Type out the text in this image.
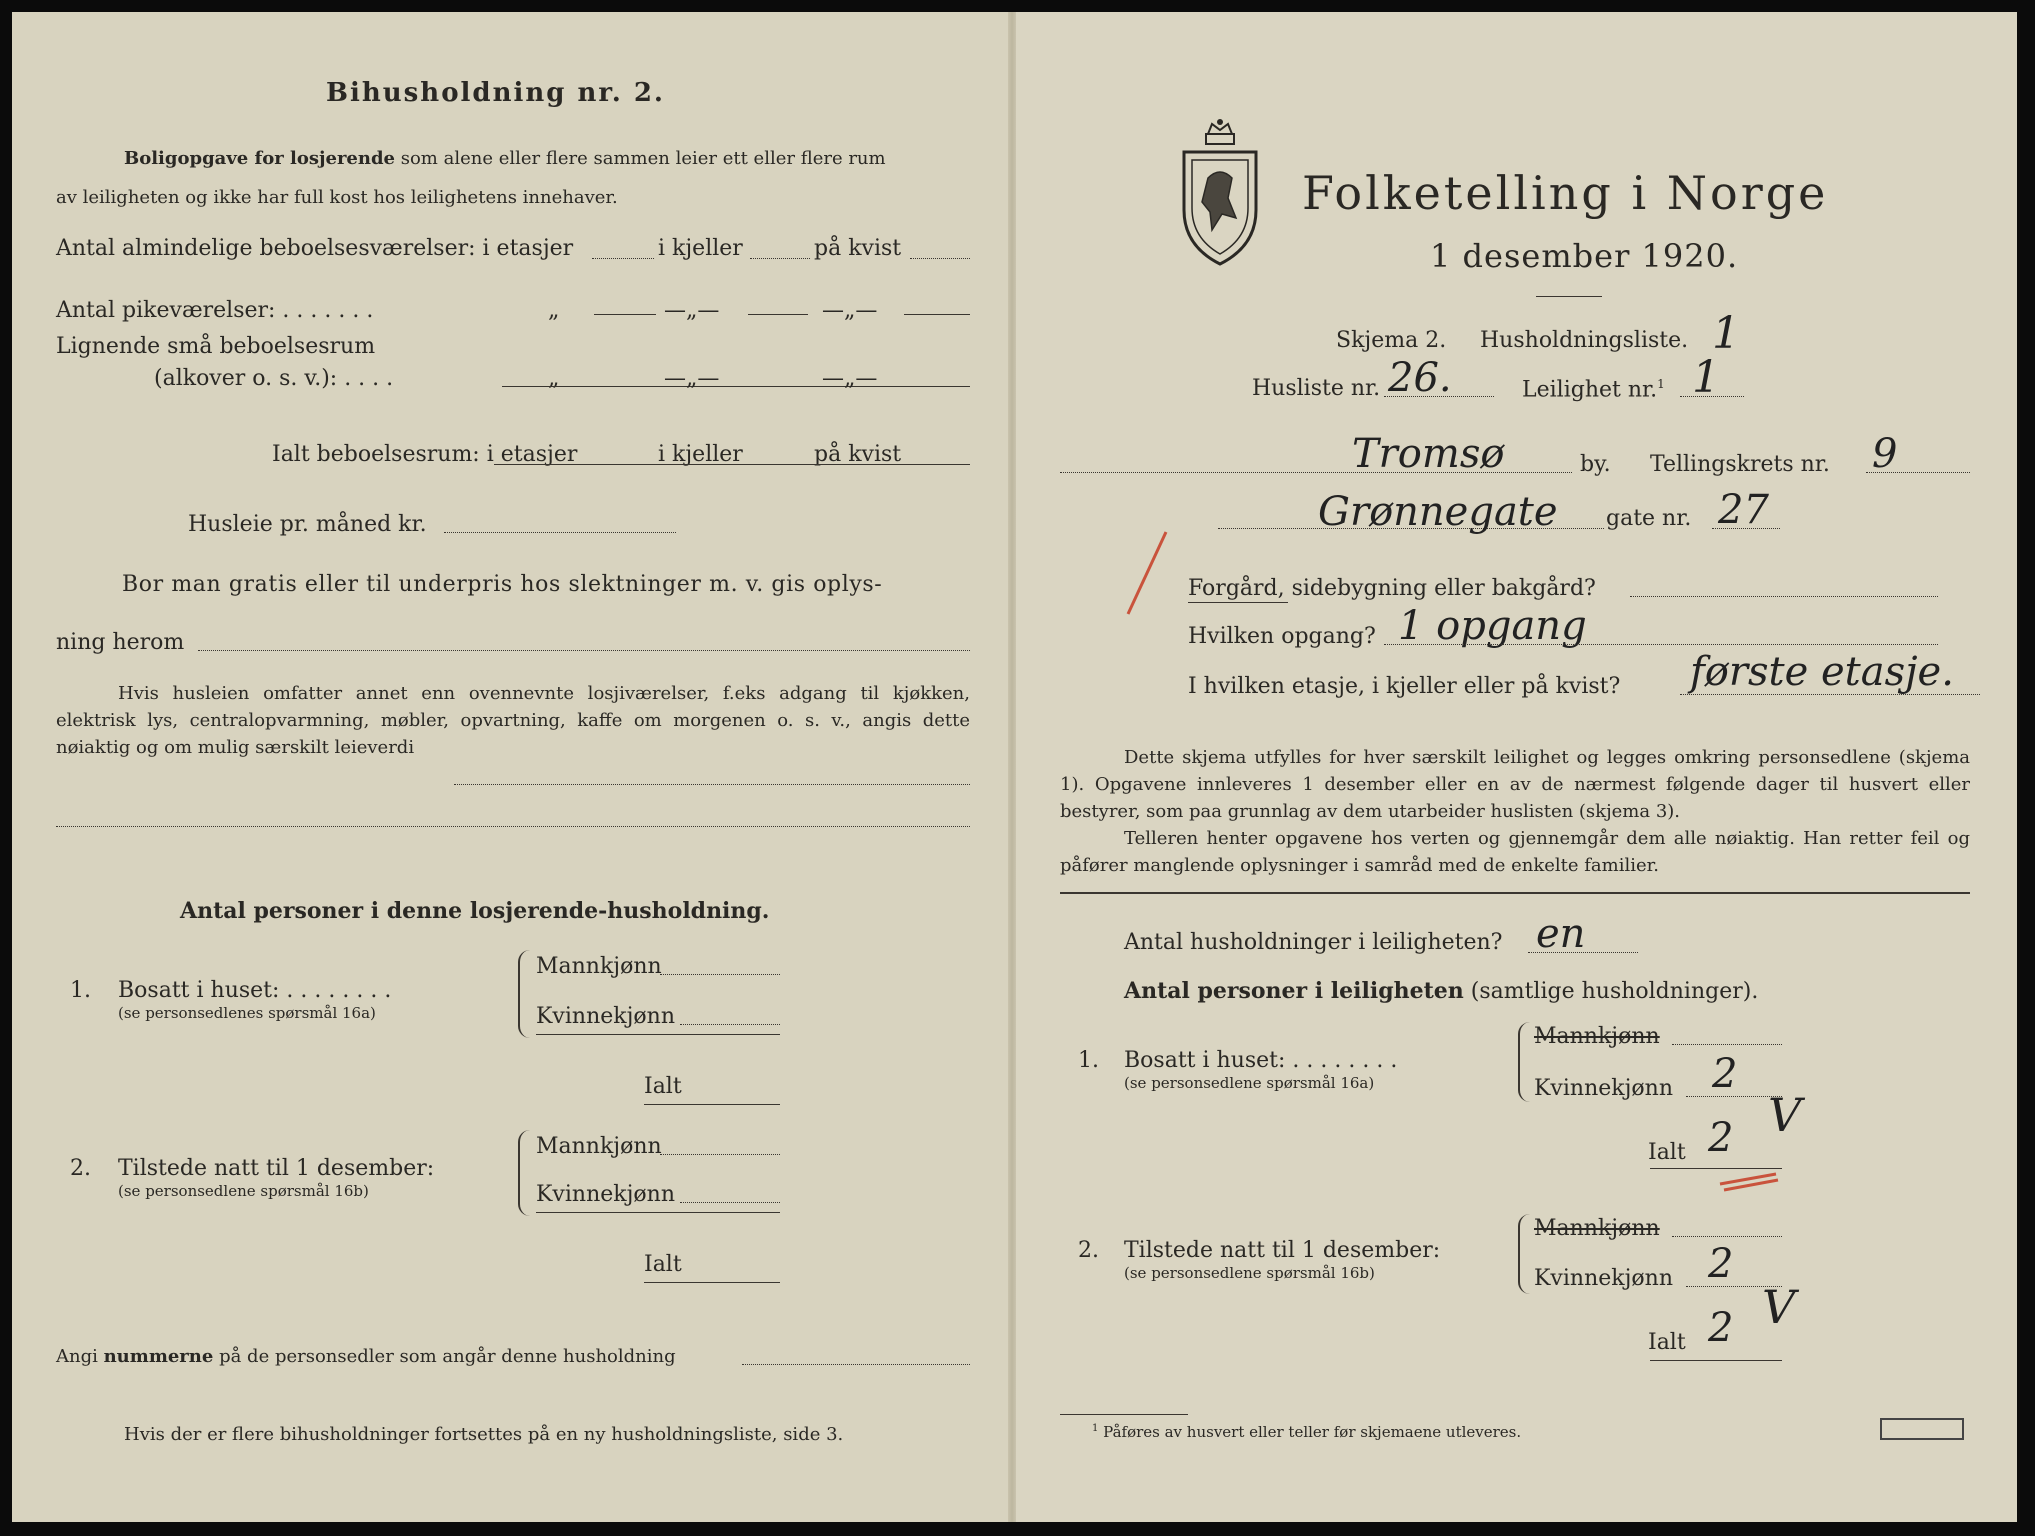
Bihusholdning nr. 2.
Boligopgave for losjerende som alene eller flere sammen leier ett eller flere rum
av leiligheten og ikke har full kost hos leilighetens innehaver.
Antal almindelige beboelsesværelser: i etasjer	i kjeller	på kvist
Antal pikeværelser: . . . . . . .	„	—„—	—„—
Lignende små beboelsesrum
(alkover o. s. v.): . . . .	„	—„—	—„—
Ialt beboelsesrum: i etasjer	i kjeller	på kvist
Husleie pr. måned kr.
Bor man gratis eller til underpris hos slektninger m. v. gis oplys-
ning herom
Hvis husleien omfatter annet enn ovennevnte losjiværelser, f.eks adgang til kjøkken, elektrisk lys, centralopvarmning, møbler, opvartning, kaffe om morgenen o. s. v., angis dette nøiaktig og om mulig særskilt leieverdi
Antal personer i denne losjerende-husholdning.
1. Bosatt i huset: . . . . . . . .
(se personsedlenes spørsmål 16a)
Mannkjønn
Kvinnekjønn
Ialt
2. Tilstede natt til 1 desember:
(se personsedlene spørsmål 16b)
Mannkjønn
Kvinnekjønn
Ialt
Angi nummerne på de personsedler som angår denne husholdning
Hvis der er flere bihusholdninger fortsettes på en ny husholdningsliste, side 3.
Folketelling i Norge
1 desember 1920.
Skjema 2. Husholdningsliste. 1
Husliste nr. 26.	Leilighet nr.$^1$ 1
Tromsø	by. Tellingskrets nr. 9
Grønnegate gate nr. 27
Forgård, sidebygning eller bakgård?
Hvilken opgang? 1 opgang
I hvilken etasje, i kjeller eller på kvist? første etasje.
Dette skjema utfylles for hver særskilt leilighet og legges omkring personsedlene (skjema 1). Opgavene innleveres 1 desember eller en av de nærmest følgende dager til husvert eller bestyrer, som paa grunnlag av dem utarbeider huslisten (skjema 3).
Telleren henter opgavene hos verten og gjennemgår dem alle nøiaktig. Han retter feil og påfører manglende oplysninger i samråd med de enkelte familier.
Antal husholdninger i leiligheten? en
Antal personer i leiligheten (samtlige husholdninger).
1. Bosatt i huset: . . . . . . . .
(se personsedlene spørsmål 16a)
Mannkjønn
Kvinnekjønn 2
Ialt 2 V
2. Tilstede natt til 1 desember:
(se personsedlene spørsmål 16b)
Mannkjønn
Kvinnekjønn 2
Ialt 2 V
$^1$ Påføres av husvert eller teller før skjemaene utleveres.
